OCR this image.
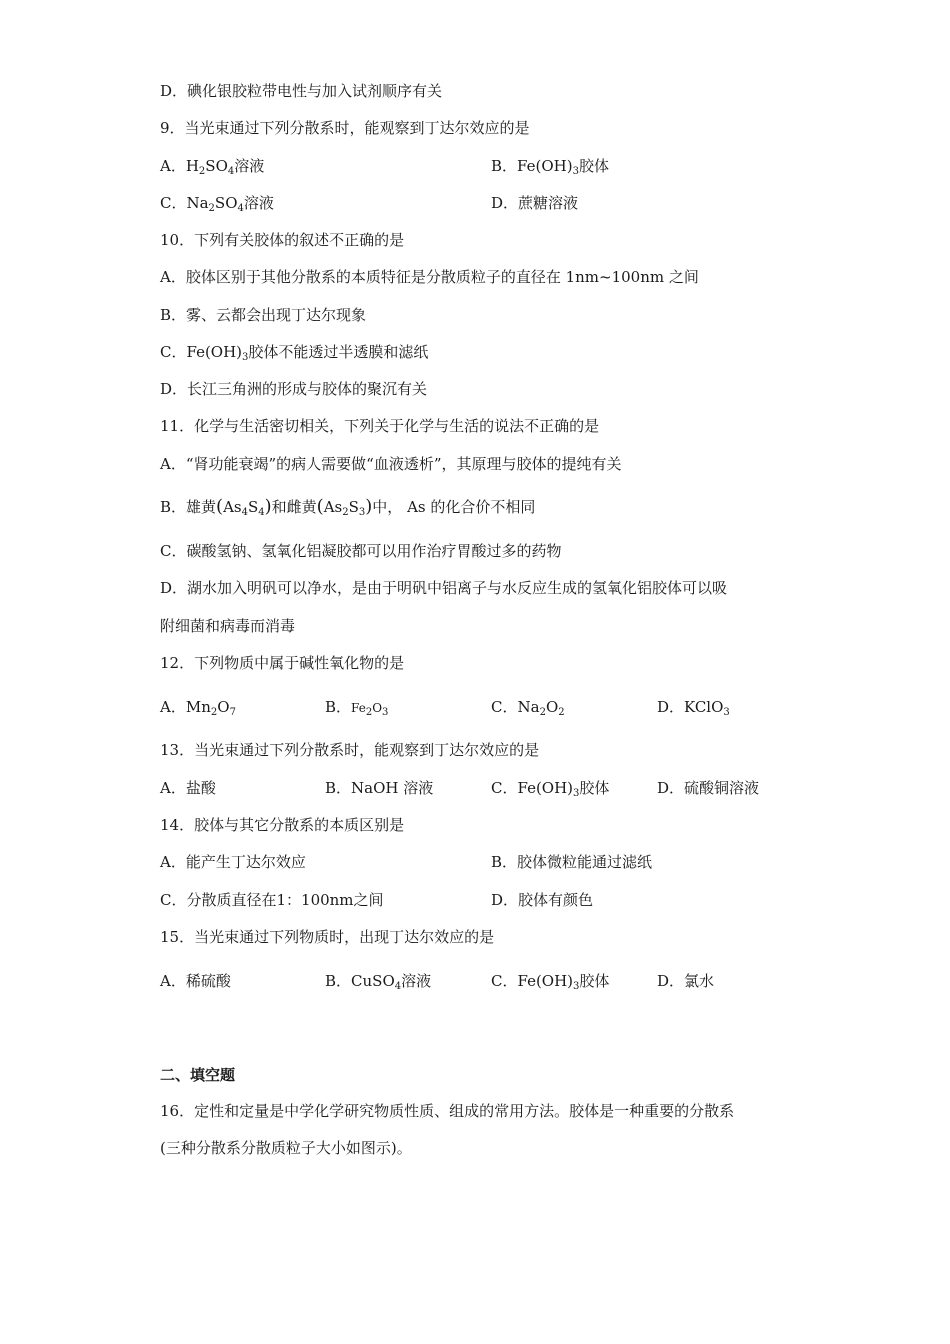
D．碘化银胶粒带电性与加入试剂顺序有关
9．当光束通过下列分散系时，能观察到丁达尔效应的是
A．$H_2SO_4$溶液	B．$Fe(OH)_3$胶体
C．$Na_2SO_4$溶液	D．蔗糖溶液
10．下列有关胶体的叙述不正确的是
A．胶体区别于其他分散系的本质特征是分散质粒子的直径在 1nm~100nm 之间
B．雾、云都会出现丁达尔现象
C．$Fe(OH)_3$胶体不能透过半透膜和滤纸
D．长江三角洲的形成与胶体的聚沉有关
11．化学与生活密切相关，下列关于化学与生活的说法不正确的是
A．“肾功能衰竭”的病人需要做“血液透析”，其原理与胶体的提纯有关
B．雄黄$(As_4S_4)$和雌黄$(As_2S_3)$中， As 的化合价不相同
C．碳酸氢钠、氢氧化铝凝胶都可以用作治疗胃酸过多的药物
D．湖水加入明矾可以净水，是由于明矾中铝离子与水反应生成的氢氧化铝胶体可以吸
附细菌和病毒而消毒
12．下列物质中属于碱性氧化物的是
A．$Mn_2O_7$	B．$Fe_2O_3$	C．$Na_2O_2$	D．KClO$_3$
13．当光束通过下列分散系时，能观察到丁达尔效应的是
A．盐酸	B．NaOH 溶液	C．$Fe(OH)_3$胶体	D．硫酸铜溶液
14．胶体与其它分散系的本质区别是
A．能产生丁达尔效应	B．胶体微粒能通过滤纸
C．分散质直径在1：100nm之间	D．胶体有颜色
15．当光束通过下列物质时，出现丁达尔效应的是
A．稀硫酸	B．CuSO$_4$溶液	C．$Fe(OH)_3$胶体	D．氯水
二、填空题
16．定性和定量是中学化学研究物质性质、组成的常用方法。胶体是一种重要的分散系
(三种分散系分散质粒子大小如图示)。
